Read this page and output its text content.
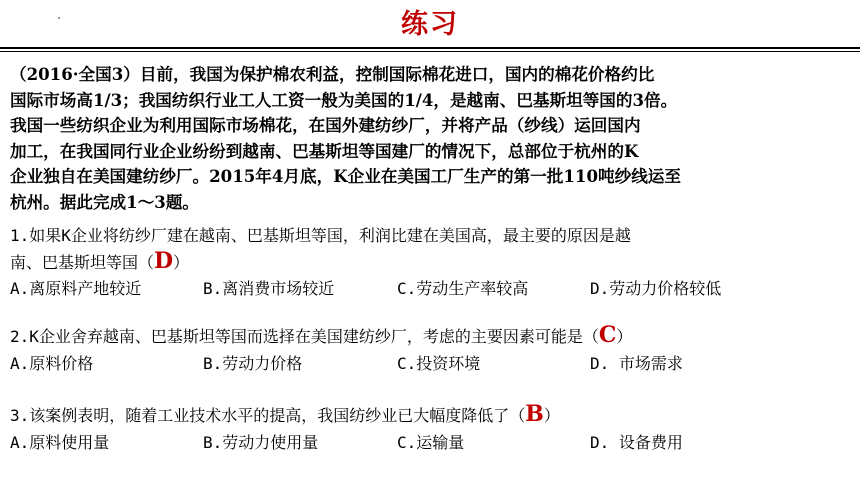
练习
（2016·全国3）目前，我国为保护棉农利益，控制国际棉花进口，国内的棉花价格约比
国际市场高1/3；我国纺织行业工人工资一般为美国的1/4，是越南、巴基斯坦等国的3倍。
我国一些纺织企业为利用国际市场棉花，在国外建纺纱厂，并将产品（纱线）运回国内
加工，在我国同行业企业纷纷到越南、巴基斯坦等国建厂的情况下，总部位于杭州的K
企业独自在美国建纺纱厂。2015年4月底，K企业在美国工厂生产的第一批110吨纱线运至
杭州。据此完成1～3题。
1.如果K企业将纺纱厂建在越南、巴基斯坦等国，利润比建在美国高，最主要的原因是越
南、巴基斯坦等国（D）
A.离原料产地较近	B.离消费市场较近	C.劳动生产率较高	D.劳动力价格较低
2.K企业舍弃越南、巴基斯坦等国而选择在美国建纺纱厂，考虑的主要因素可能是（C）
A.原料价格	B.劳动力价格	C.投资环境	D. 市场需求
3.该案例表明，随着工业技术水平的提高，我国纺纱业已大幅度降低了（B）
A.原料使用量	B.劳动力使用量	C.运输量	D. 设备费用
